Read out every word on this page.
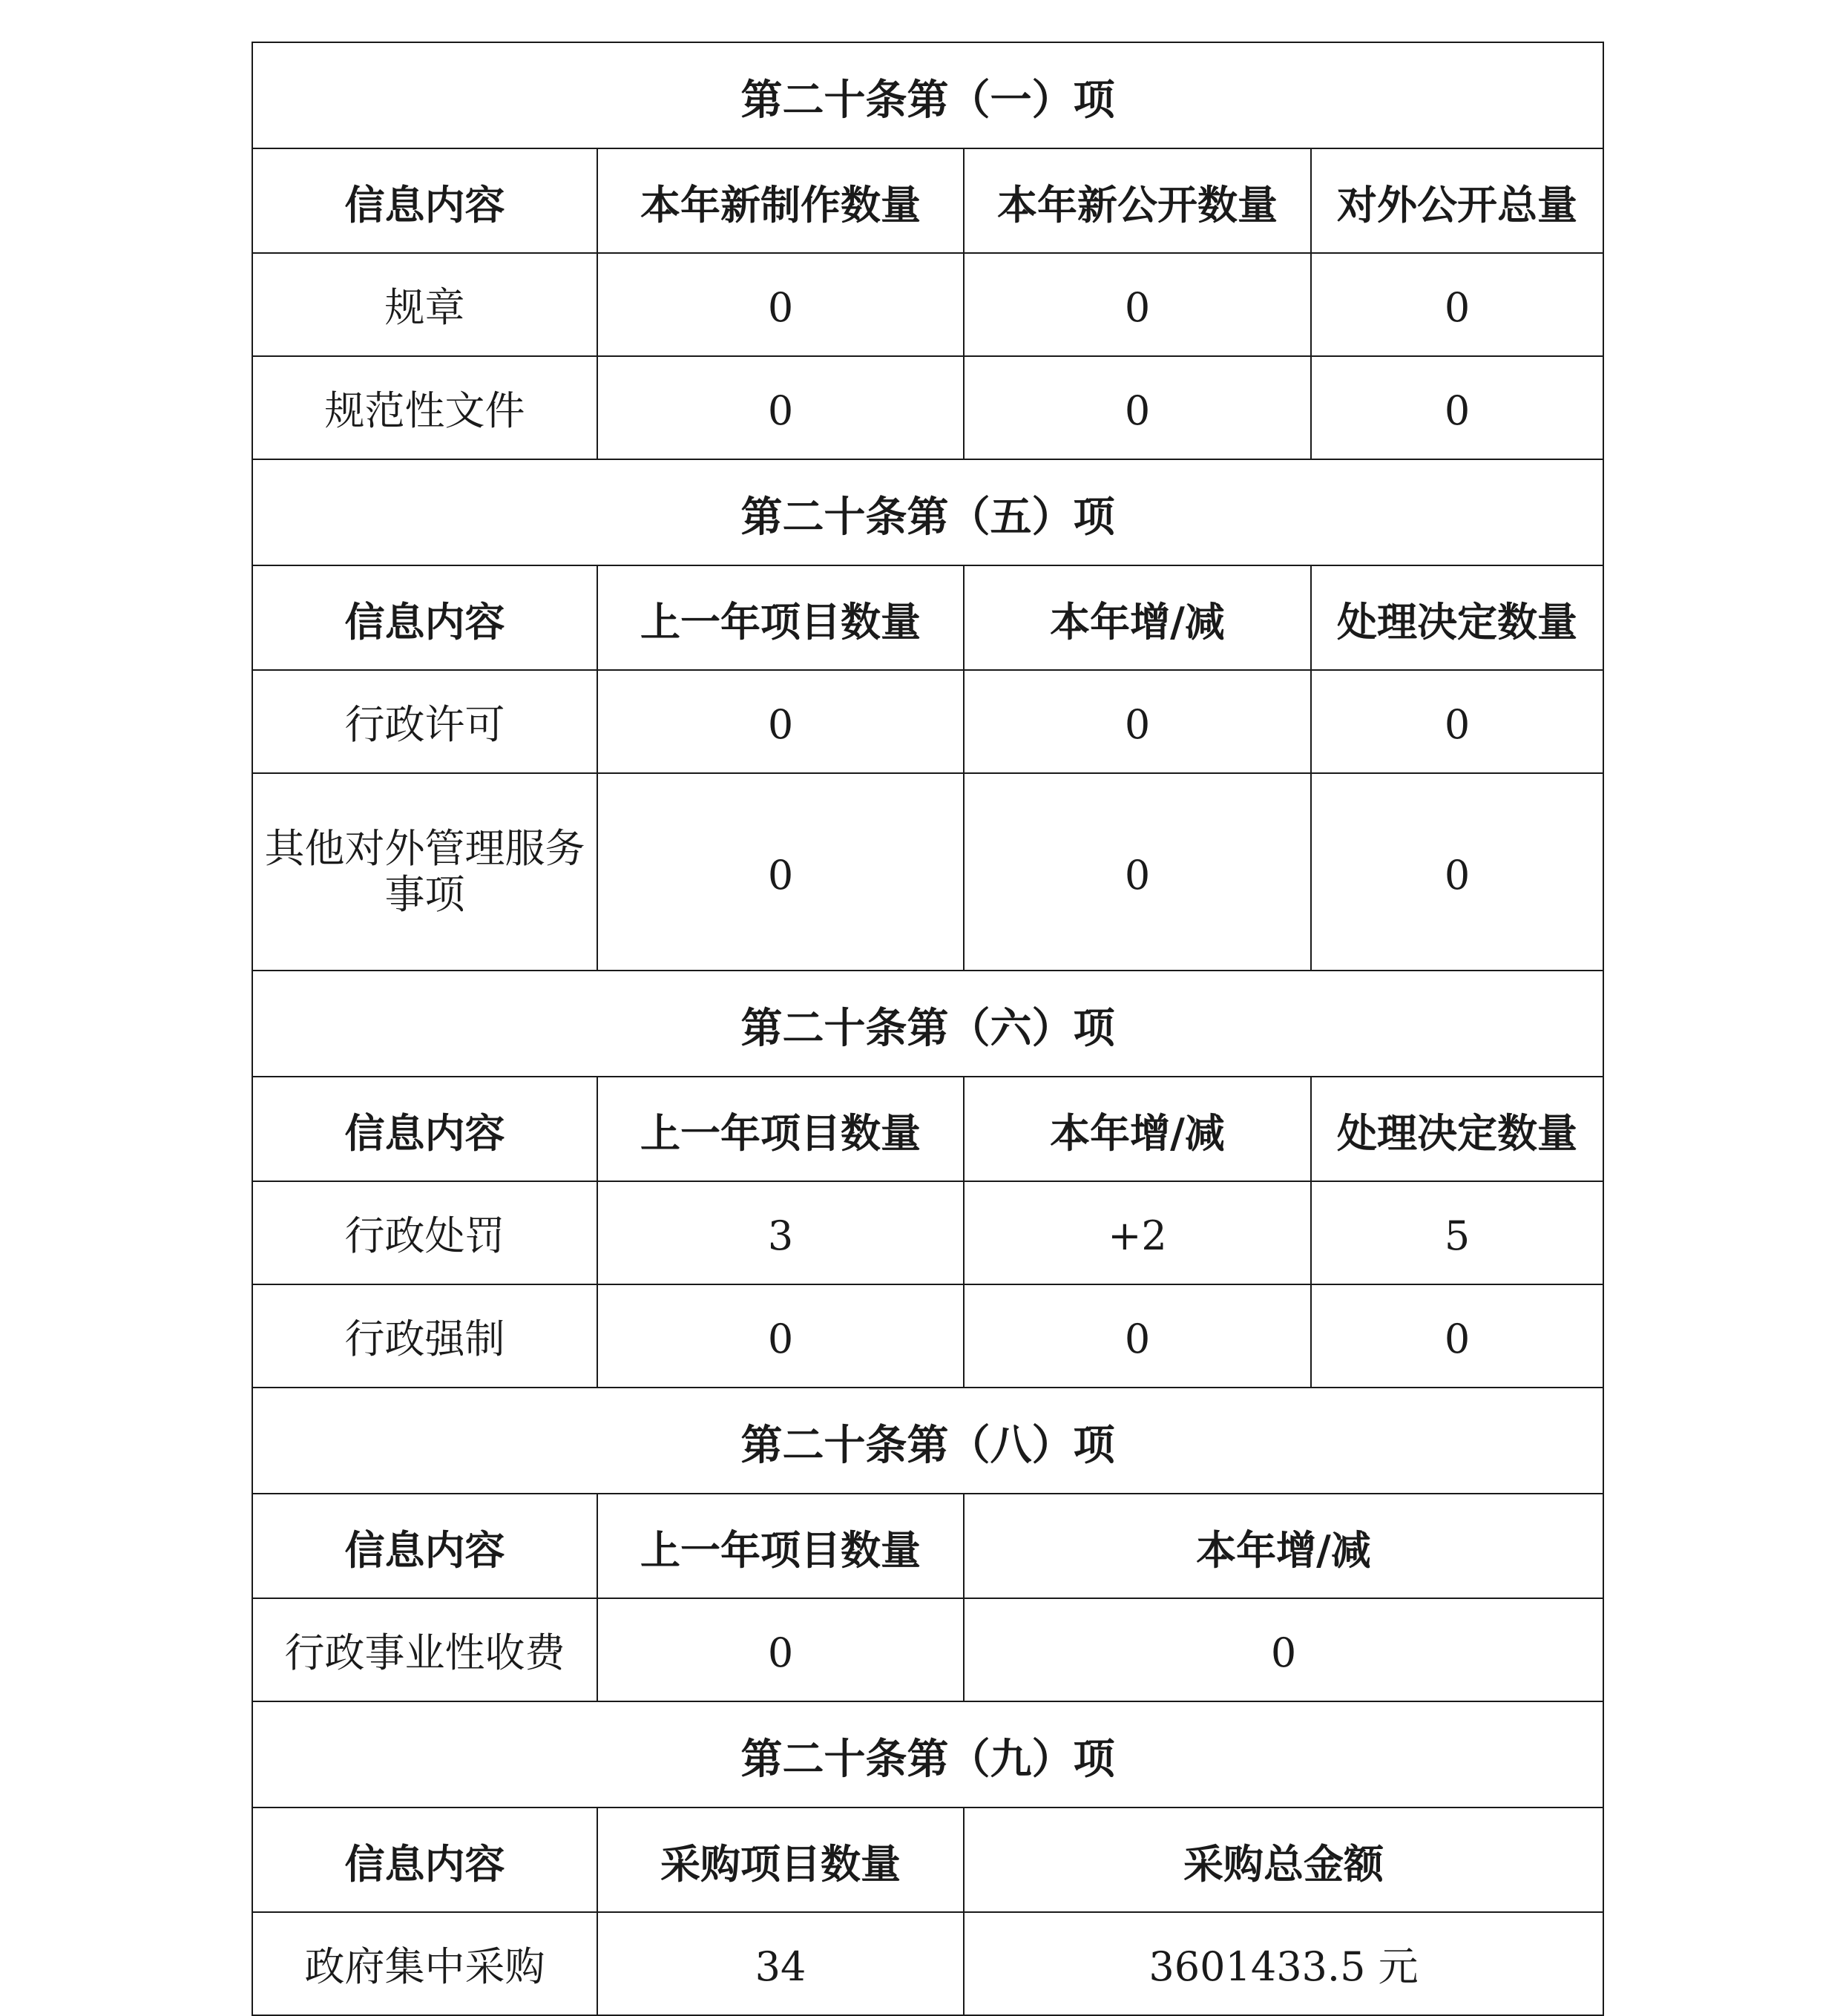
第二十条第（一）项			
信息内容	本年新制作数量	本年新公开数量	对外公开总量
规章	0	0	0
规范性文件	0	0	0
第二十条第（五）项			
信息内容	上一年项目数量	本年增/减	处理决定数量
行政许可	0	0	0
其他对外管理服务事项	0	0	0
第二十条第（六）项			
信息内容	上一年项目数量	本年增/减	处理决定数量
行政处罚	3	+2	5
行政强制	0	0	0
第二十条第（八）项			
信息内容	上一年项目数量	本年增/减	
行政事业性收费	0	0	
第二十条第（九）项			
信息内容	采购项目数量	采购总金额	
政府集中采购	34	3601433.5 元	
